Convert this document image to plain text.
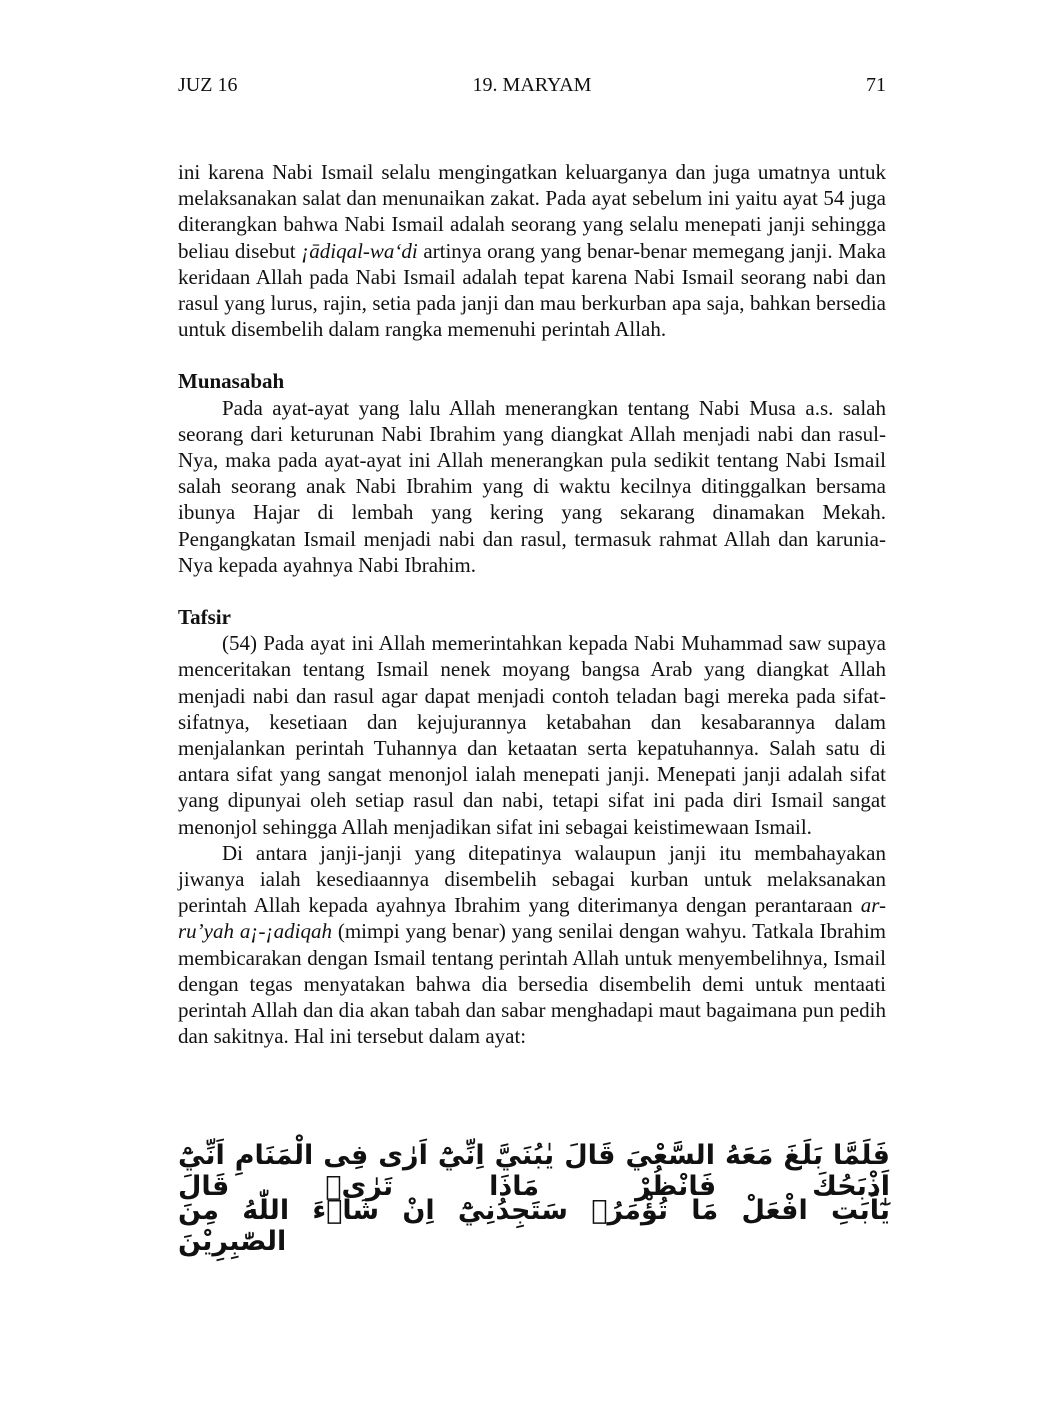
19. MARYAM
JUZ 16	71

ini karena Nabi Ismail selalu mengingatkan keluarganya dan juga umatnya untuk melaksanakan salat dan menunaikan zakat. Pada ayat sebelum ini yaitu ayat 54 juga diterangkan bahwa Nabi Ismail adalah seorang yang selalu menepati janji sehingga beliau disebut ¡ādiqal-wa‘di artinya orang yang benar-benar memegang janji. Maka keridaan Allah pada Nabi Ismail adalah tepat karena Nabi Ismail seorang nabi dan rasul yang lurus, rajin, setia pada janji dan mau berkurban apa saja, bahkan bersedia untuk disembelih dalam rangka memenuhi perintah Allah.

Munasabah

Pada ayat-ayat yang lalu Allah menerangkan tentang Nabi Musa a.s. salah seorang dari keturunan Nabi Ibrahim yang diangkat Allah menjadi nabi dan rasul-Nya, maka pada ayat-ayat ini Allah menerangkan pula sedikit tentang Nabi Ismail salah seorang anak Nabi Ibrahim yang di waktu kecilnya ditinggalkan bersama ibunya Hajar di lembah yang kering yang sekarang dinamakan Mekah. Pengangkatan Ismail menjadi nabi dan rasul, termasuk rahmat Allah dan karunia-Nya kepada ayahnya Nabi Ibrahim.

Tafsir

(54) Pada ayat ini Allah memerintahkan kepada Nabi Muhammad saw supaya menceritakan tentang Ismail nenek moyang bangsa Arab yang diangkat Allah menjadi nabi dan rasul agar dapat menjadi contoh teladan bagi mereka pada sifat-sifatnya, kesetiaan dan kejujurannya ketabahan dan kesabarannya dalam menjalankan perintah Tuhannya dan ketaatan serta kepatuhannya. Salah satu di antara sifat yang sangat menonjol ialah menepati janji. Menepati janji adalah sifat yang dipunyai oleh setiap rasul dan nabi, tetapi sifat ini pada diri Ismail sangat menonjol sehingga Allah menjadikan sifat ini sebagai keistimewaan Ismail.

Di antara janji-janji yang ditepatinya walaupun janji itu membahayakan jiwanya ialah kesediaannya disembelih sebagai kurban untuk melaksanakan perintah Allah kepada ayahnya Ibrahim yang diterimanya dengan perantaraan ar-ru’yah a¡-¡adiqah (mimpi yang benar) yang senilai dengan wahyu. Tatkala Ibrahim membicarakan dengan Ismail tentang perintah Allah untuk menyembelihnya, Ismail dengan tegas menyatakan bahwa dia bersedia disembelih demi untuk mentaati perintah Allah dan dia akan tabah dan sabar menghadapi maut bagaimana pun pedih dan sakitnya. Hal ini tersebut dalam ayat:

فَلَمَّا بَلَغَ مَعَهُ السَّعْيَ قَالَ يٰبُنَيَّ اِنِّيْٓ اَرٰى فِى الْمَنَامِ اَنِّيْٓ اَذْبَحُكَ فَانْظُرْ مَاذَا تَرٰىۗ قَالَ
يٰٓاَبَتِ افْعَلْ مَا تُؤْمَرُۖ سَتَجِدُنِيْٓ اِنْ شَاۤءَ اللّٰهُ مِنَ الصّٰبِرِيْنَ
